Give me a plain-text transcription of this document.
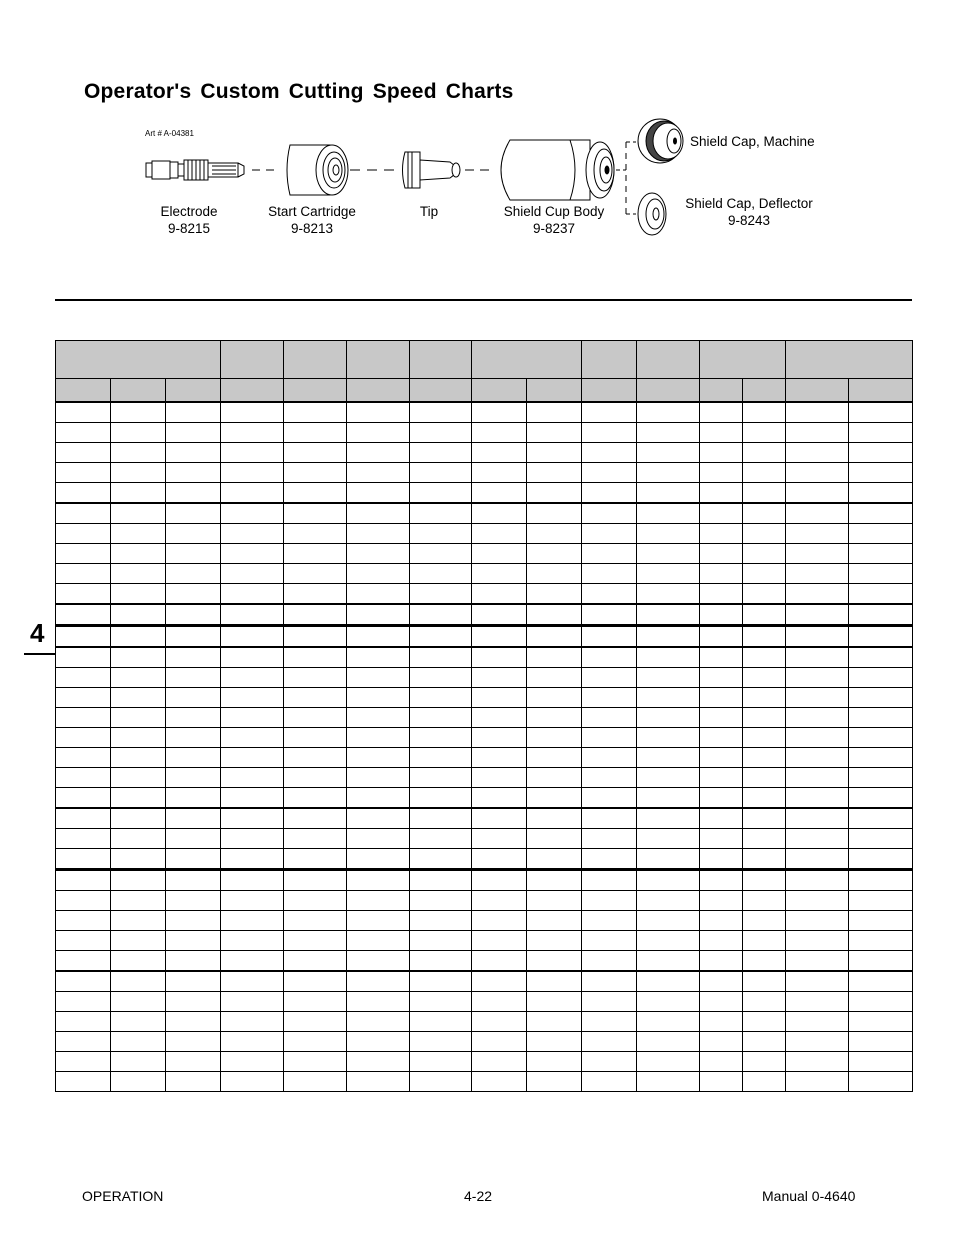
Operator's Custom Cutting Speed Charts
Art # A-04381
Electrode
9-8215
Start Cartridge
9-8213
Tip	Shield Cup Body
9-8237
Shield Cap, Machine
Shield Cap, Deflector
9-8243
4

OPERATION	4-22	Manual 0-4640
